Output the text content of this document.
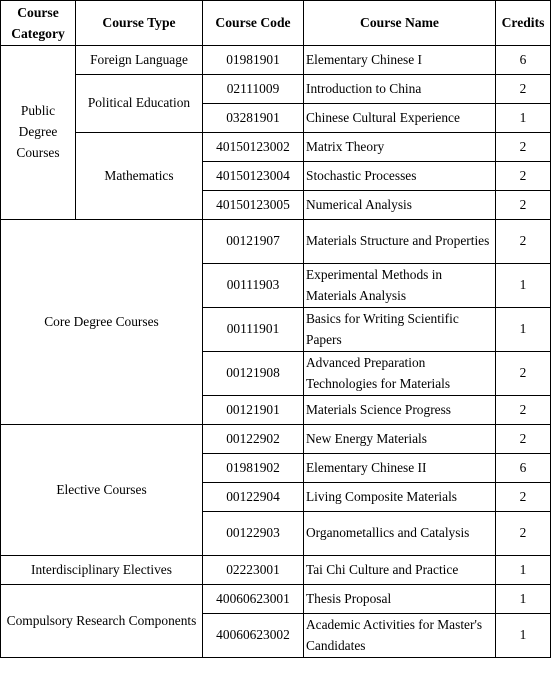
Course Category	Course Type	Course Code	Course Name	Credits
Public Degree Courses	Foreign Language	01981901	Elementary Chinese I	6
	Political Education	02111009	Introduction to China	2
		03281901	Chinese Cultural Experience	1
	Mathematics	40150123002	Matrix Theory	2
		40150123004	Stochastic Processes	2
		40150123005	Numerical Analysis	2
Core Degree Courses		00121907	Materials Structure and Properties	2
		00111903	Experimental Methods in Materials Analysis	1
		00111901	Basics for Writing Scientific Papers	1
		00121908	Advanced Preparation Technologies for Materials	2
		00121901	Materials Science Progress	2
Elective Courses		00122902	New Energy Materials	2
		01981902	Elementary Chinese II	6
		00122904	Living Composite Materials	2
		00122903	Organometallics and Catalysis	2
Interdisciplinary Electives		02223001	Tai Chi Culture and Practice	1
Compulsory Research Components		40060623001	Thesis Proposal	1
		40060623002	Academic Activities for Master's Candidates	1
